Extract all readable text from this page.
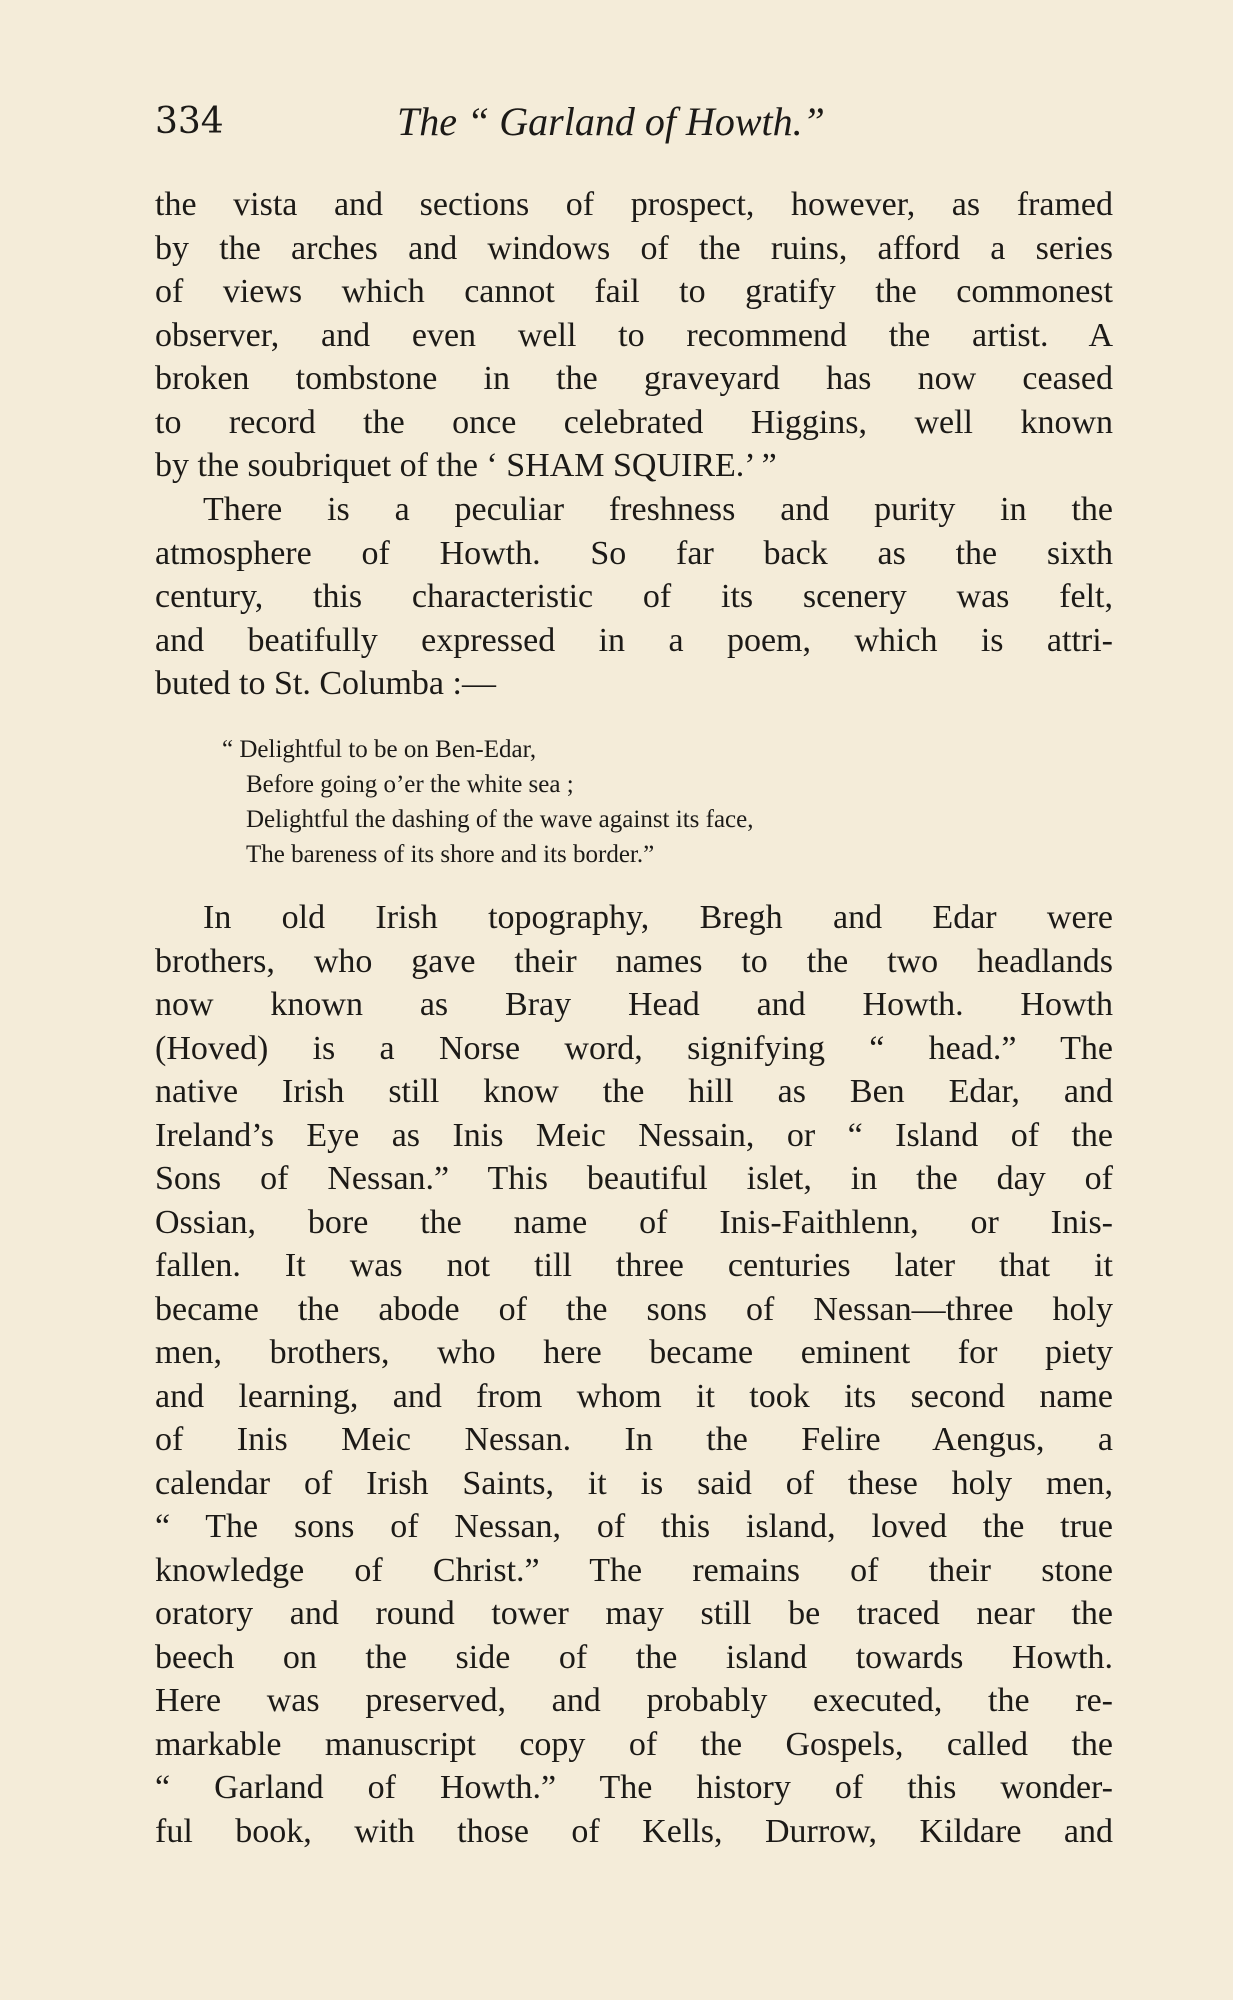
334	The “ Garland of Howth.”
the vista and sections of prospect, however, as framed
by the arches and windows of the ruins, afford a series
of views which cannot fail to gratify the commonest
observer, and even well to recommend the artist. A
broken tombstone in the graveyard has now ceased
to record the once celebrated Higgins, well known
by the soubriquet of the ‘ SHAM SQUIRE.’ ”
There is a peculiar freshness and purity in the
atmosphere of Howth. So far back as the sixth
century, this characteristic of its scenery was felt,
and beatifully expressed in a poem, which is attri-
buted to St. Columba :—
“ Delightful to be on Ben-Edar,
Before going o’er the white sea ;
Delightful the dashing of the wave against its face,
The bareness of its shore and its border.”
In old Irish topography, Bregh and Edar were
brothers, who gave their names to the two headlands
now known as Bray Head and Howth. Howth
(Hoved) is a Norse word, signifying “ head.” The
native Irish still know the hill as Ben Edar, and
Ireland’s Eye as Inis Meic Nessain, or “ Island of the
Sons of Nessan.” This beautiful islet, in the day of
Ossian, bore the name of Inis-Faithlenn, or Inis-
fallen. It was not till three centuries later that it
became the abode of the sons of Nessan—three holy
men, brothers, who here became eminent for piety
and learning, and from whom it took its second name
of Inis Meic Nessan. In the Felire Aengus, a
calendar of Irish Saints, it is said of these holy men,
“ The sons of Nessan, of this island, loved the true
knowledge of Christ.” The remains of their stone
oratory and round tower may still be traced near the
beech on the side of the island towards Howth.
Here was preserved, and probably executed, the re-
markable manuscript copy of the Gospels, called the
“ Garland of Howth.” The history of this wonder-
ful book, with those of Kells, Durrow, Kildare and
